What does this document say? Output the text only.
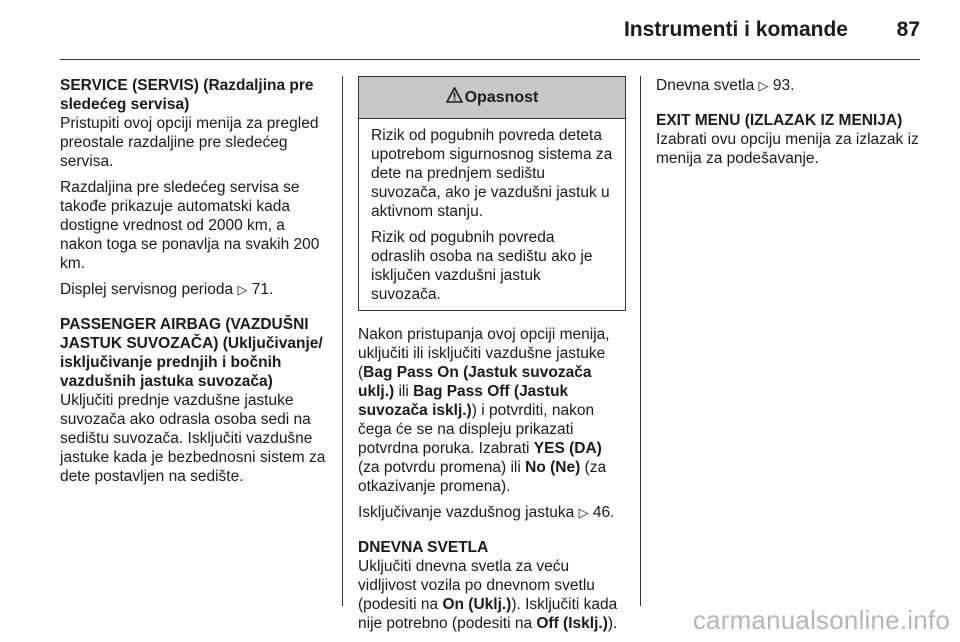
Instrumenti i komande 87

SERVICE (SERVIS) (Razdaljina pre sledećeg servisa)

Pristupiti ovoj opciji menija za pregled preostale razdaljine pre sledećeg servisa.

Razdaljina pre sledećeg servisa se takođe prikazuje automatski kada dostigne vrednost od 2000 km, a nakon toga se ponavlja na svakih 200 km.

Displej servisnog perioda ▷ 71.

PASSENGER AIRBAG (VAZDUŠNI JASTUK SUVOZAČA) (Uključivanje/ isključivanje prednjih i bočnih vazdušnih jastuka suvozača)

Uključiti prednje vazdušne jastuke suvozača ako odrasla osoba sedi na sedištu suvozača. Isključiti vazdušne jastuke kada je bezbednosni sistem za dete postavljen na sedište.

Opasnost

Rizik od pogubnih povreda deteta upotrebom sigurnosnog sistema za dete na prednjem sedištu suvozača, ako je vazdušni jastuk u aktivnom stanju.

Rizik od pogubnih povreda odraslih osoba na sedištu ako je isključen vazdušni jastuk suvozača.

Nakon pristupanja ovoj opciji menija, uključiti ili isključiti vazdušne jastuke (Bag Pass On (Jastuk suvozača uklj.) ili Bag Pass Off (Jastuk suvozača isklj.)) i potvrditi, nakon čega će se na displeju prikazati potvrdna poruka. Izabrati YES (DA) (za potvrdu promena) ili No (Ne) (za otkazivanje promena).

Isključivanje vazdušnog jastuka ▷ 46.

DNEVNA SVETLA

Uključiti dnevna svetla za veću vidljivost vozila po dnevnom svetlu (podesiti na On (Uklj.)). Isključiti kada nije potrebno (podesiti na Off (Isklj.)).

Dnevna svetla ▷ 93.

EXIT MENU (IZLAZAK IZ MENIJA)

Izabrati ovu opciju menija za izlazak iz menija za podešavanje.

carmanualsonline.info
